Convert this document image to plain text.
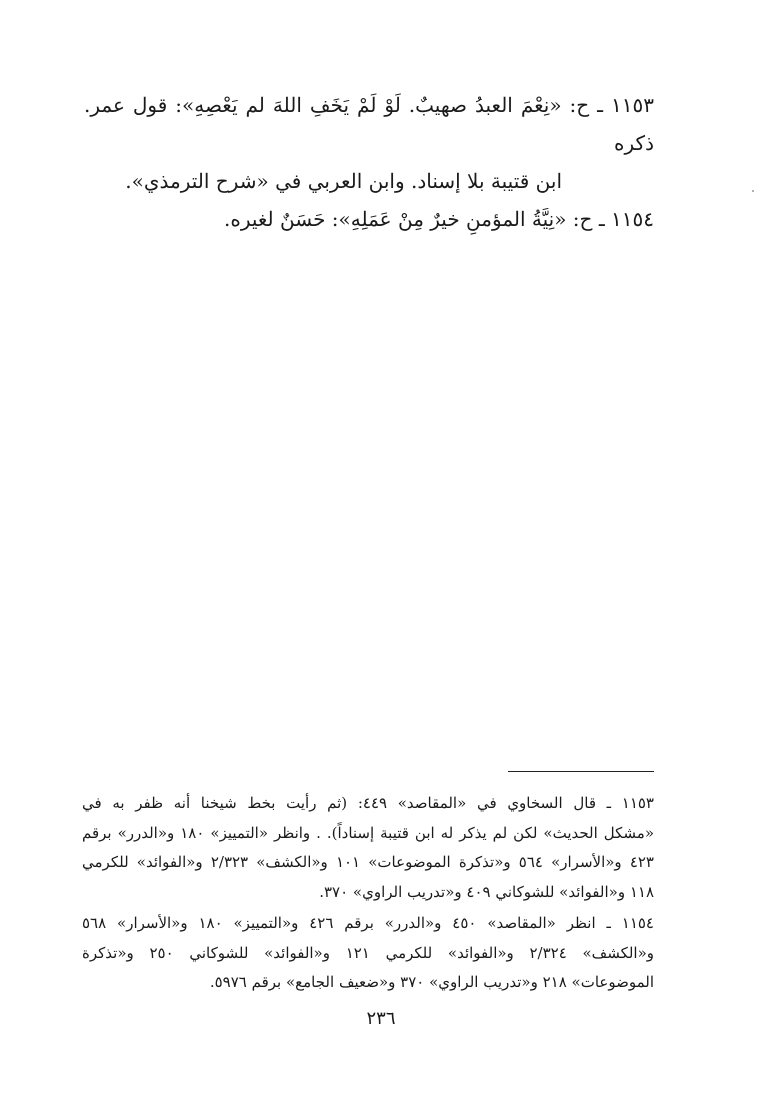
١١٥٣ ـ ح: «نِعْمَ العبدُ صهيبٌ. لَوْ لَمْ يَخَفِ اللهَ لم يَعْصِهِ»: قول عمر. ذكره
ابن قتيبة بلا إسناد. وابن العربي في «شرح الترمذي».

١١٥٤ ـ ح: «نِيَّةُ المؤمنِ خيرٌ مِنْ عَمَلِهِ»: حَسَنٌ لغيره.

١١٥٣ ـ قال السخاوي في «المقاصد» ٤٤٩: (ثم رأيت بخط شيخنا أنه ظفر به في
«مشكل الحديث» لكن لم يذكر له ابن قتيبة إسناداً). . وانظر «التمييز» ١٨٠ و«الدرر» برقم
٤٢٣ و«الأسرار» ٥٦٤ و«تذكرة الموضوعات» ١٠١ و«الكشف» ٢/٣٢٣ و«الفوائد» للكرمي
١١٨ و«الفوائد» للشوكاني ٤٠٩ و«تدريب الراوي» ٣٧٠.

١١٥٤ ـ انظر «المقاصد» ٤٥٠ و«الدرر» برقم ٤٢٦ و«التمييز» ١٨٠ و«الأسرار» ٥٦٨
و«الكشف» ٢/٣٢٤ و«الفوائد» للكرمي ١٢١ و«الفوائد» للشوكاني ٢٥٠ و«تذكرة
الموضوعات» ٢١٨ و«تدريب الراوي» ٣٧٠ و«ضعيف الجامع» برقم ٥٩٧٦.

٢٣٦
